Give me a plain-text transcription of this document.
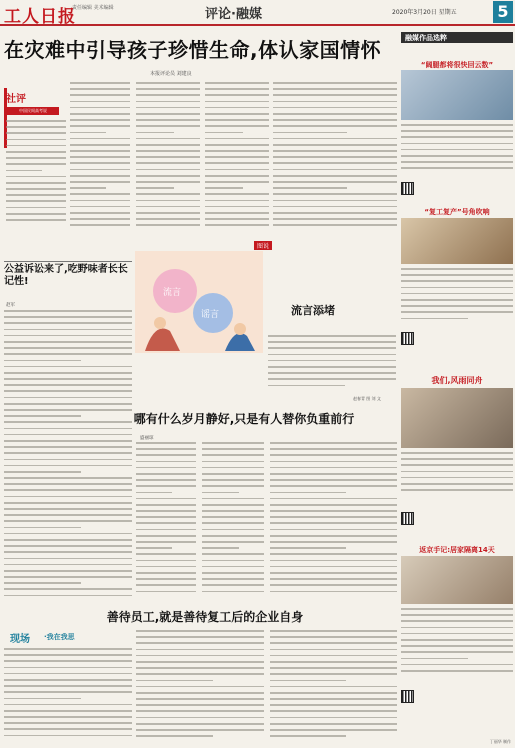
工人日报
责任编辑 美术编辑	评论·融媒	2020年3月20日 星期五	5
在灾难中引导孩子珍惜生命,体认家国情怀
本报评论员 刘建良
社评
中国民间高考说
公益诉讼来了,吃野味者长长记性!
赵军
图说
流言
谣言	流言添堵
赵春青 图 刘 文
哪有什么岁月静好,只是有人替你负重前行
盛丽琼
善待员工,就是善待复工后的企业自身
现场 ·我在我思
融媒作品选粹
“阔腿都将很快回云数”
“复工复产”号角吹响
我们,风雨同舟
返京手记:居家隔离14天
丁丽华 制作
